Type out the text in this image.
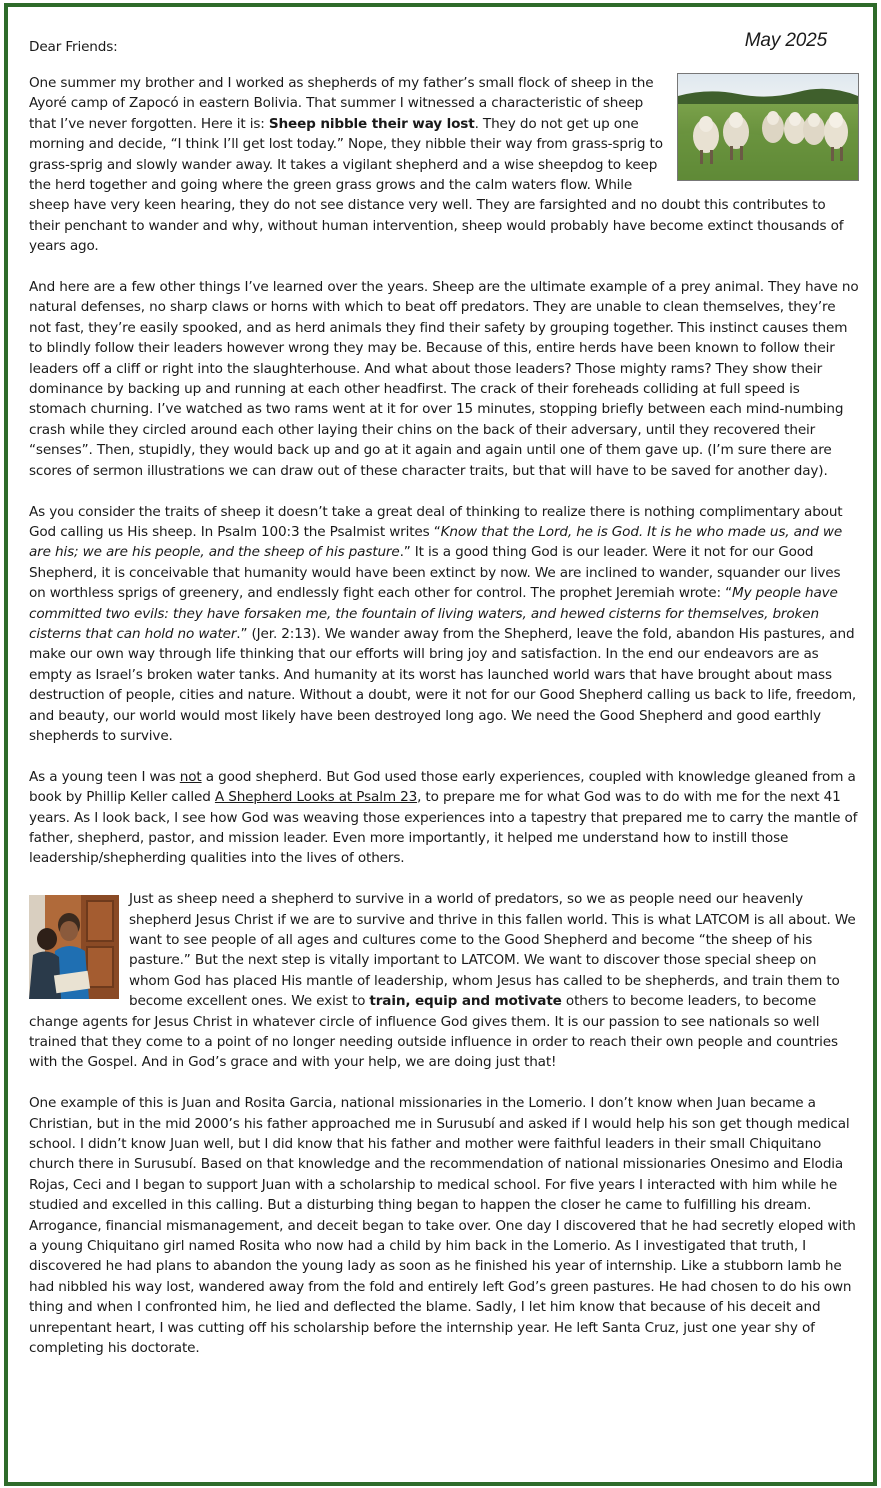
Dear Friends:	May 2025

One summer my brother and I worked as shepherds of my father’s small flock of sheep in the Ayoré camp of Zapocó in eastern Bolivia. That summer I witnessed a characteristic of sheep that I’ve never forgotten. Here it is: Sheep nibble their way lost. They do not get up one morning and decide, “I think I’ll get lost today.” Nope, they nibble their way from grass-sprig to grass-sprig and slowly wander away. It takes a vigilant shepherd and a wise sheepdog to keep the herd together and going where the green grass grows and the calm waters flow. While sheep have very keen hearing, they do not see distance very well. They are farsighted and no doubt this contributes to their penchant to wander and why, without human intervention, sheep would probably have become extinct thousands of years ago.

And here are a few other things I’ve learned over the years. Sheep are the ultimate example of a prey animal. They have no natural defenses, no sharp claws or horns with which to beat off predators. They are unable to clean themselves, they’re not fast, they’re easily spooked, and as herd animals they find their safety by grouping together. This instinct causes them to blindly follow their leaders however wrong they may be. Because of this, entire herds have been known to follow their leaders off a cliff or right into the slaughterhouse. And what about those leaders? Those mighty rams? They show their dominance by backing up and running at each other headfirst. The crack of their foreheads colliding at full speed is stomach churning. I’ve watched as two rams went at it for over 15 minutes, stopping briefly between each mind-numbing crash while they circled around each other laying their chins on the back of their adversary, until they recovered their “senses”. Then, stupidly, they would back up and go at it again and again until one of them gave up. (I’m sure there are scores of sermon illustrations we can draw out of these character traits, but that will have to be saved for another day).

As you consider the traits of sheep it doesn’t take a great deal of thinking to realize there is nothing complimentary about God calling us His sheep. In Psalm 100:3 the Psalmist writes “Know that the Lord, he is God. It is he who made us, and we are his; we are his people, and the sheep of his pasture.” It is a good thing God is our leader. Were it not for our Good Shepherd, it is conceivable that humanity would have been extinct by now. We are inclined to wander, squander our lives on worthless sprigs of greenery, and endlessly fight each other for control. The prophet Jeremiah wrote: “My people have committed two evils: they have forsaken me, the fountain of living waters, and hewed cisterns for themselves, broken cisterns that can hold no water.” (Jer. 2:13). We wander away from the Shepherd, leave the fold, abandon His pastures, and make our own way through life thinking that our efforts will bring joy and satisfaction. In the end our endeavors are as empty as Israel’s broken water tanks. And humanity at its worst has launched world wars that have brought about mass destruction of people, cities and nature. Without a doubt, were it not for our Good Shepherd calling us back to life, freedom, and beauty, our world would most likely have been destroyed long ago. We need the Good Shepherd and good earthly shepherds to survive.

As a young teen I was not a good shepherd. But God used those early experiences, coupled with knowledge gleaned from a book by Phillip Keller called A Shepherd Looks at Psalm 23, to prepare me for what God was to do with me for the next 41 years. As I look back, I see how God was weaving those experiences into a tapestry that prepared me to carry the mantle of father, shepherd, pastor, and mission leader. Even more importantly, it helped me understand how to instill those leadership/shepherding qualities into the lives of others.

Just as sheep need a shepherd to survive in a world of predators, so we as people need our heavenly shepherd Jesus Christ if we are to survive and thrive in this fallen world. This is what LATCOM is all about. We want to see people of all ages and cultures come to the Good Shepherd and become “the sheep of his pasture.” But the next step is vitally important to LATCOM. We want to discover those special sheep on whom God has placed His mantle of leadership, whom Jesus has called to be shepherds, and train them to become excellent ones. We exist to train, equip and motivate others to become leaders, to become change agents for Jesus Christ in whatever circle of influence God gives them. It is our passion to see nationals so well trained that they come to a point of no longer needing outside influence in order to reach their own people and countries with the Gospel. And in God’s grace and with your help, we are doing just that!

One example of this is Juan and Rosita Garcia, national missionaries in the Lomerio. I don’t know when Juan became a Christian, but in the mid 2000’s his father approached me in Surusubí and asked if I would help his son get though medical school. I didn’t know Juan well, but I did know that his father and mother were faithful leaders in their small Chiquitano church there in Surusubí. Based on that knowledge and the recommendation of national missionaries Onesimo and Elodia Rojas, Ceci and I began to support Juan with a scholarship to medical school. For five years I interacted with him while he studied and excelled in this calling. But a disturbing thing began to happen the closer he came to fulfilling his dream. Arrogance, financial mismanagement, and deceit began to take over. One day I discovered that he had secretly eloped with a young Chiquitano girl named Rosita who now had a child by him back in the Lomerio. As I investigated that truth, I discovered he had plans to abandon the young lady as soon as he finished his year of internship. Like a stubborn lamb he had nibbled his way lost, wandered away from the fold and entirely left God’s green pastures. He had chosen to do his own thing and when I confronted him, he lied and deflected the blame. Sadly, I let him know that because of his deceit and unrepentant heart, I was cutting off his scholarship before the internship year. He left Santa Cruz, just one year shy of completing his doctorate.
